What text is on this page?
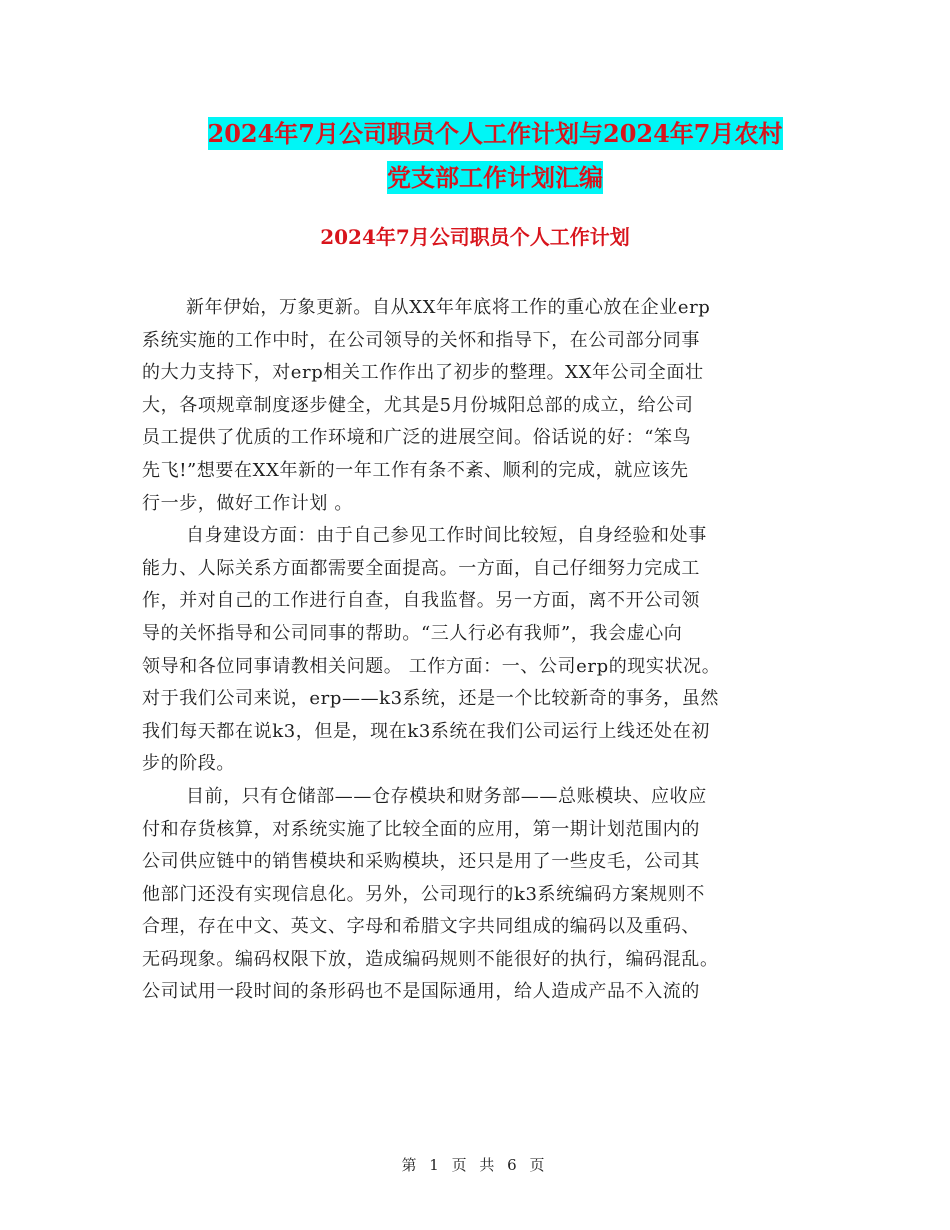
2024年7月公司职员个人工作计划与2024年7月农村
党支部工作计划汇编
2024年7月公司职员个人工作计划
新年伊始，万象更新。自从XX年年底将工作的重心放在企业erp
系统实施的工作中时，在公司领导的关怀和指导下，在公司部分同事
的大力支持下，对erp相关工作作出了初步的整理。XX年公司全面壮
大，各项规章制度逐步健全，尤其是5月份城阳总部的成立，给公司
员工提供了优质的工作环境和广泛的进展空间。俗话说的好：“笨鸟
先飞!”想要在XX年新的一年工作有条不紊、顺利的完成，就应该先
行一步，做好工作计划 。
自身建设方面：由于自己参见工作时间比较短，自身经验和处事
能力、人际关系方面都需要全面提高。一方面，自己仔细努力完成工
作，并对自己的工作进行自查，自我监督。另一方面，离不开公司领
导的关怀指导和公司同事的帮助。“三人行必有我师”，我会虚心向
领导和各位同事请教相关问题。 工作方面：一、公司erp的现实状况。
对于我们公司来说，erp——k3系统，还是一个比较新奇的事务，虽然
我们每天都在说k3，但是，现在k3系统在我们公司运行上线还处在初
步的阶段。
目前，只有仓储部——仓存模块和财务部——总账模块、应收应
付和存货核算，对系统实施了比较全面的应用，第一期计划范围内的
公司供应链中的销售模块和采购模块，还只是用了一些皮毛，公司其
他部门还没有实现信息化。另外，公司现行的k3系统编码方案规则不
合理，存在中文、英文、字母和希腊文字共同组成的编码以及重码、
无码现象。编码权限下放，造成编码规则不能很好的执行，编码混乱。
公司试用一段时间的条形码也不是国际通用，给人造成产品不入流的
第 1 页 共 6 页
